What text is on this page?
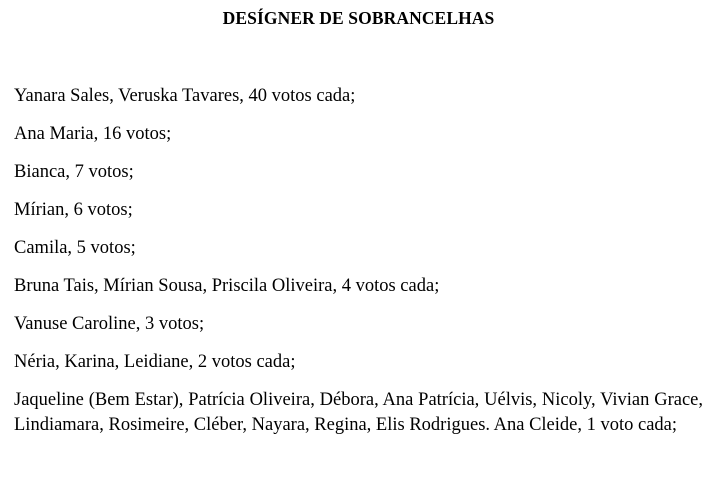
DESÍGNER DE SOBRANCELHAS

Yanara Sales, Veruska Tavares, 40 votos cada;

Ana Maria, 16 votos;

Bianca, 7 votos;

Mírian, 6 votos;

Camila, 5 votos;

Bruna Tais, Mírian Sousa, Priscila Oliveira, 4 votos cada;

Vanuse Caroline, 3 votos;

Néria, Karina, Leidiane, 2 votos cada;

Jaqueline (Bem Estar), Patrícia Oliveira, Débora, Ana Patrícia, Uélvis, Nicoly, Vivian Grace, Lindiamara, Rosimeire, Cléber, Nayara, Regina, Elis Rodrigues. Ana Cleide, 1 voto cada;
